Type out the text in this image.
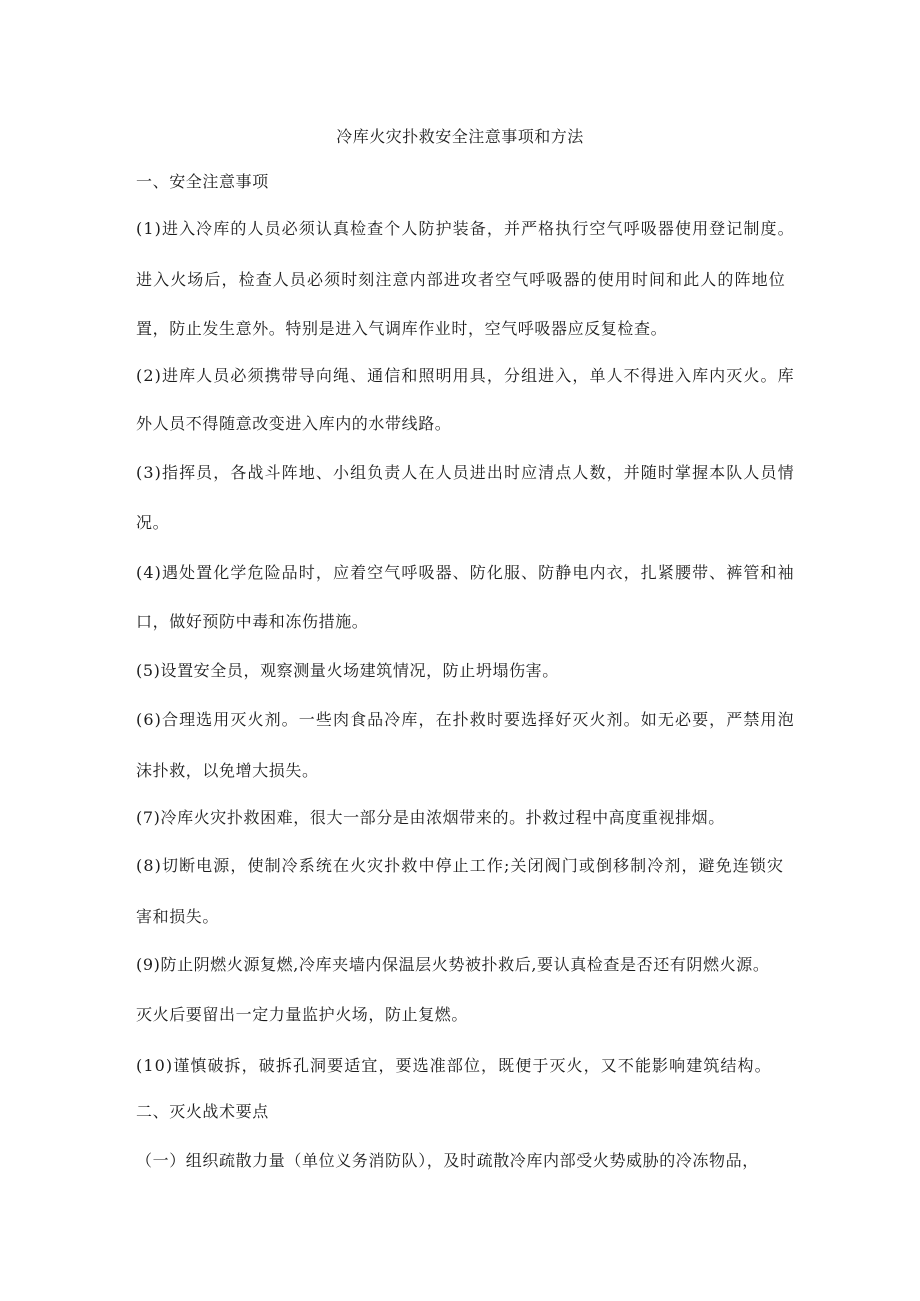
冷库火灾扑救安全注意事项和方法
一、安全注意事项
(1)进入冷库的人员必须认真检查个人防护装备，并严格执行空气呼吸器使用登记制度。
进入火场后，检查人员必须时刻注意内部进攻者空气呼吸器的使用时间和此人的阵地位
置，防止发生意外。特别是进入气调库作业时，空气呼吸器应反复检查。
(2)进库人员必须携带导向绳、通信和照明用具，分组进入，单人不得进入库内灭火。库
外人员不得随意改变进入库内的水带线路。
(3)指挥员，各战斗阵地、小组负责人在人员进出时应清点人数，并随时掌握本队人员情
况。
(4)遇处置化学危险品时，应着空气呼吸器、防化服、防静电内衣，扎紧腰带、裤管和袖
口，做好预防中毒和冻伤措施。
(5)设置安全员，观察测量火场建筑情况，防止坍塌伤害。
(6)合理选用灭火剂。一些肉食品冷库，在扑救时要选择好灭火剂。如无必要，严禁用泡
沫扑救，以免增大损失。
(7)冷库火灾扑救困难，很大一部分是由浓烟带来的。扑救过程中高度重视排烟。
(8)切断电源，使制冷系统在火灾扑救中停止工作;关闭阀门或倒移制冷剂，避免连锁灾
害和损失。
(9)防止阴燃火源复燃,冷库夹墙内保温层火势被扑救后,要认真检查是否还有阴燃火源。
灭火后要留出一定力量监护火场，防止复燃。
(10)谨慎破拆，破拆孔洞要适宜，要选准部位，既便于灭火，又不能影响建筑结构。
二、灭火战术要点
（一）组织疏散力量（单位义务消防队），及时疏散冷库内部受火势威胁的冷冻物品，
